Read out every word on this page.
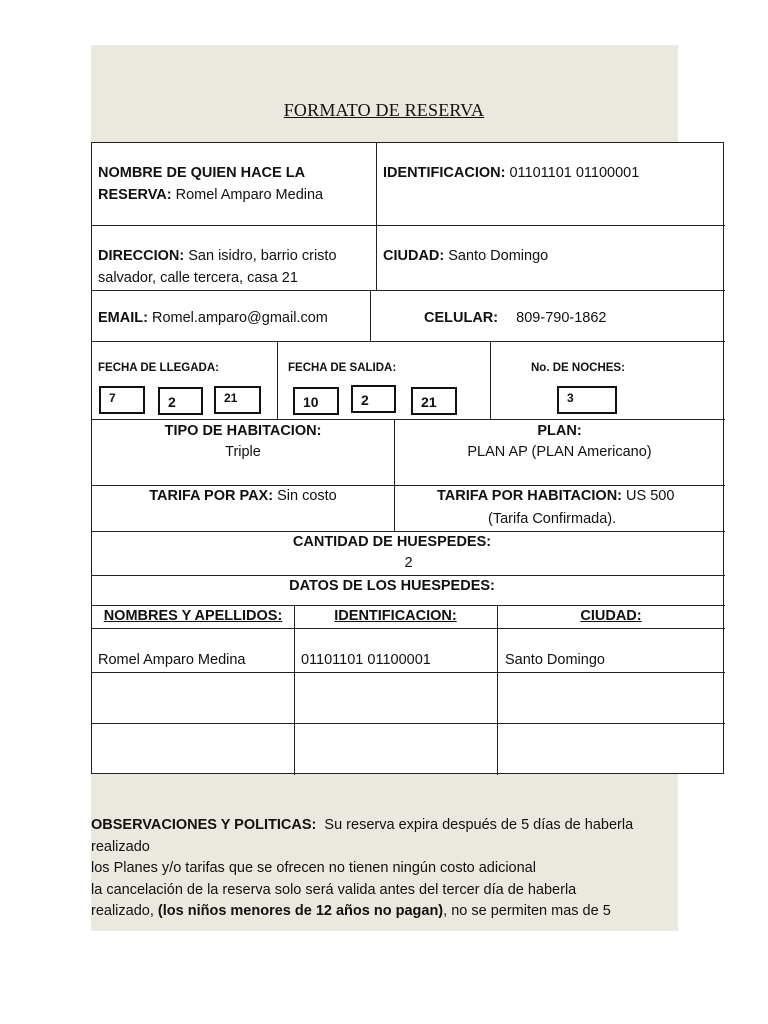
FORMATO DE RESERVA
NOMBRE DE QUIEN HACE LA
RESERVA: Romel Amparo Medina
IDENTIFICACION: 01101101 01100001
DIRECCION: San isidro, barrio cristo
salvador, calle tercera, casa 21
CIUDAD: Santo Domingo
EMAIL: Romel.amparo@gmail.com	CELULAR: 809-790-1862
FECHA DE LLEGADA:	FECHA DE SALIDA:	No. DE NOCHES:
7	2	21	10	2	21	3
TIPO DE HABITACION:
Triple
PLAN:
PLAN AP (PLAN Americano)
TARIFA POR PAX: Sin costo	TARIFA POR HABITACION: US 500
(Tarifa Confirmada).
CANTIDAD DE HUESPEDES:
2
DATOS DE LOS HUESPEDES:
NOMBRES Y APELLIDOS:	IDENTIFICACION:	CIUDAD:
Romel Amparo Medina	01101101 01100001	Santo Domingo

OBSERVACIONES Y POLITICAS: Su reserva expira después de 5 días de haberla

realizado

los Planes y/o tarifas que se ofrecen no tienen ningún costo adicional

la cancelación de la reserva solo será valida antes del tercer día de haberla

realizado, (los niños menores de 12 años no pagan), no se permiten mas de 5
